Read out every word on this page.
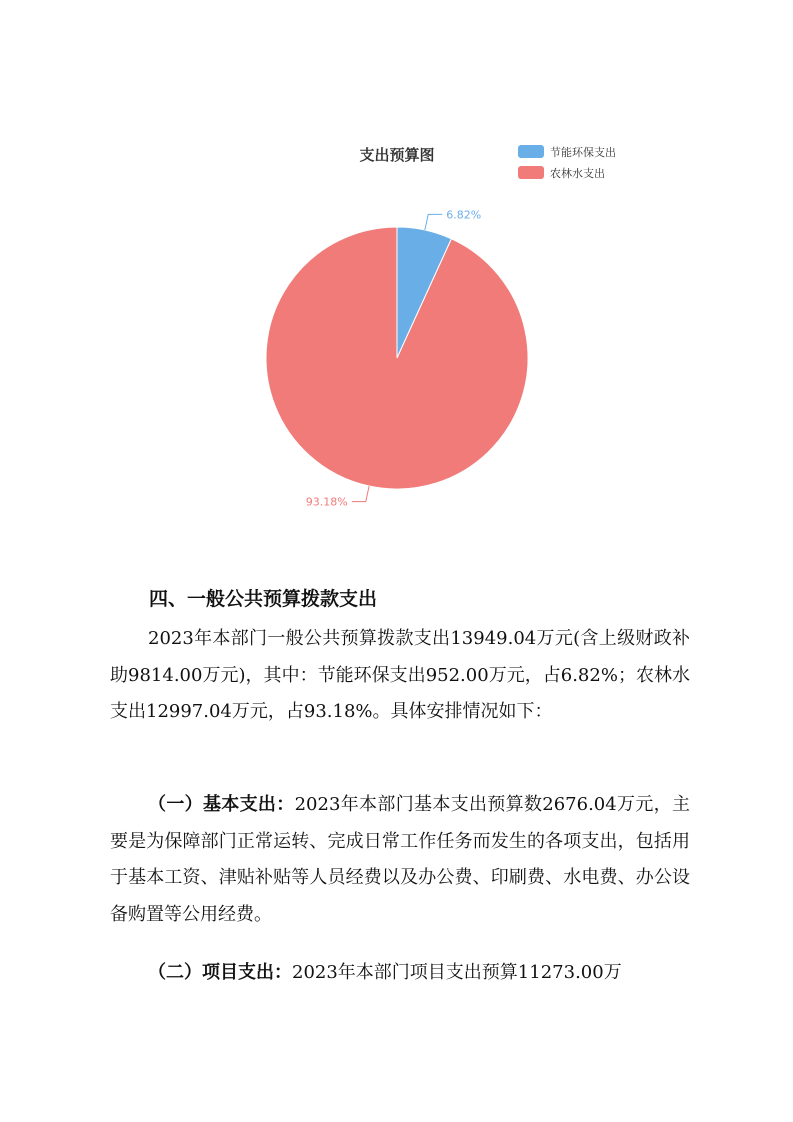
支出预算图	节能环保支出
农林水支出
6.82%
93.18%
四、一般公共预算拨款支出
2023年本部门一般公共预算拨款支出13949.04万元(含上级财政补助9814.00万元)，其中：节能环保支出952.00万元，占6.82%；农林水支出12997.04万元，占93.18%。具体安排情况如下：
（一）基本支出：2023年本部门基本支出预算数2676.04万元，主要是为保障部门正常运转、完成日常工作任务而发生的各项支出，包括用于基本工资、津贴补贴等人员经费以及办公费、印刷费、水电费、办公设备购置等公用经费。
（二）项目支出：2023年本部门项目支出预算11273.00万
